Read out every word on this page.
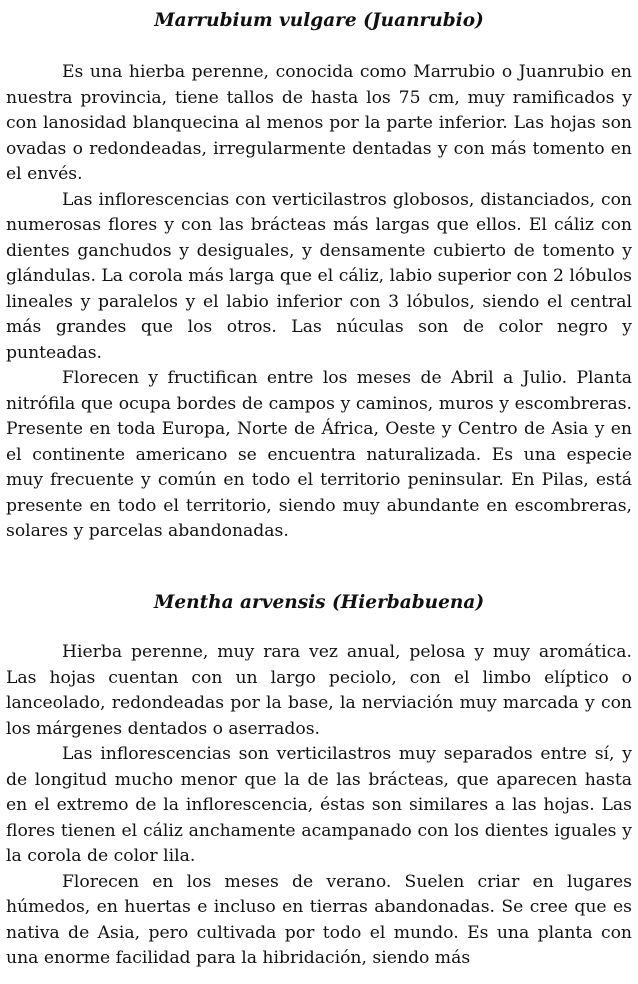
Marrubium vulgare (Juanrubio)

Es una hierba perenne, conocida como Marrubio o Juanrubio en nuestra provincia, tiene tallos de hasta los 75 cm, muy ramificados y con lanosidad blanquecina al menos por la parte inferior. Las hojas son ovadas o redondeadas, irregularmente dentadas y con más tomento en el envés.

Las inflorescencias con verticilastros globosos, distanciados, con numerosas flores y con las brácteas más largas que ellos. El cáliz con dientes ganchudos y desiguales, y densamente cubierto de tomento y glándulas. La corola más larga que el cáliz, labio superior con 2 lóbulos lineales y paralelos y el labio inferior con 3 lóbulos, siendo el central más grandes que los otros. Las núculas son de color negro y punteadas.

Florecen y fructifican entre los meses de Abril a Julio. Planta nitrófila que ocupa bordes de campos y caminos, muros y escombreras. Presente en toda Europa, Norte de África, Oeste y Centro de Asia y en el continente americano se encuentra naturalizada. Es una especie muy frecuente y común en todo el territorio peninsular. En Pilas, está presente en todo el territorio, siendo muy abundante en escombreras, solares y parcelas abandonadas.

Mentha arvensis (Hierbabuena)

Hierba perenne, muy rara vez anual, pelosa y muy aromática. Las hojas cuentan con un largo peciolo, con el limbo elíptico o lanceolado, redondeadas por la base, la nerviación muy marcada y con los márgenes dentados o aserrados.

Las inflorescencias son verticilastros muy separados entre sí, y de longitud mucho menor que la de las brácteas, que aparecen hasta en el extremo de la inflorescencia, éstas son similares a las hojas. Las flores tienen el cáliz anchamente acampanado con los dientes iguales y la corola de color lila.

Florecen en los meses de verano. Suelen criar en lugares húmedos, en huertas e incluso en tierras abandonadas. Se cree que es nativa de Asia, pero cultivada por todo el mundo. Es una planta con una enorme facilidad para la hibridación, siendo más
